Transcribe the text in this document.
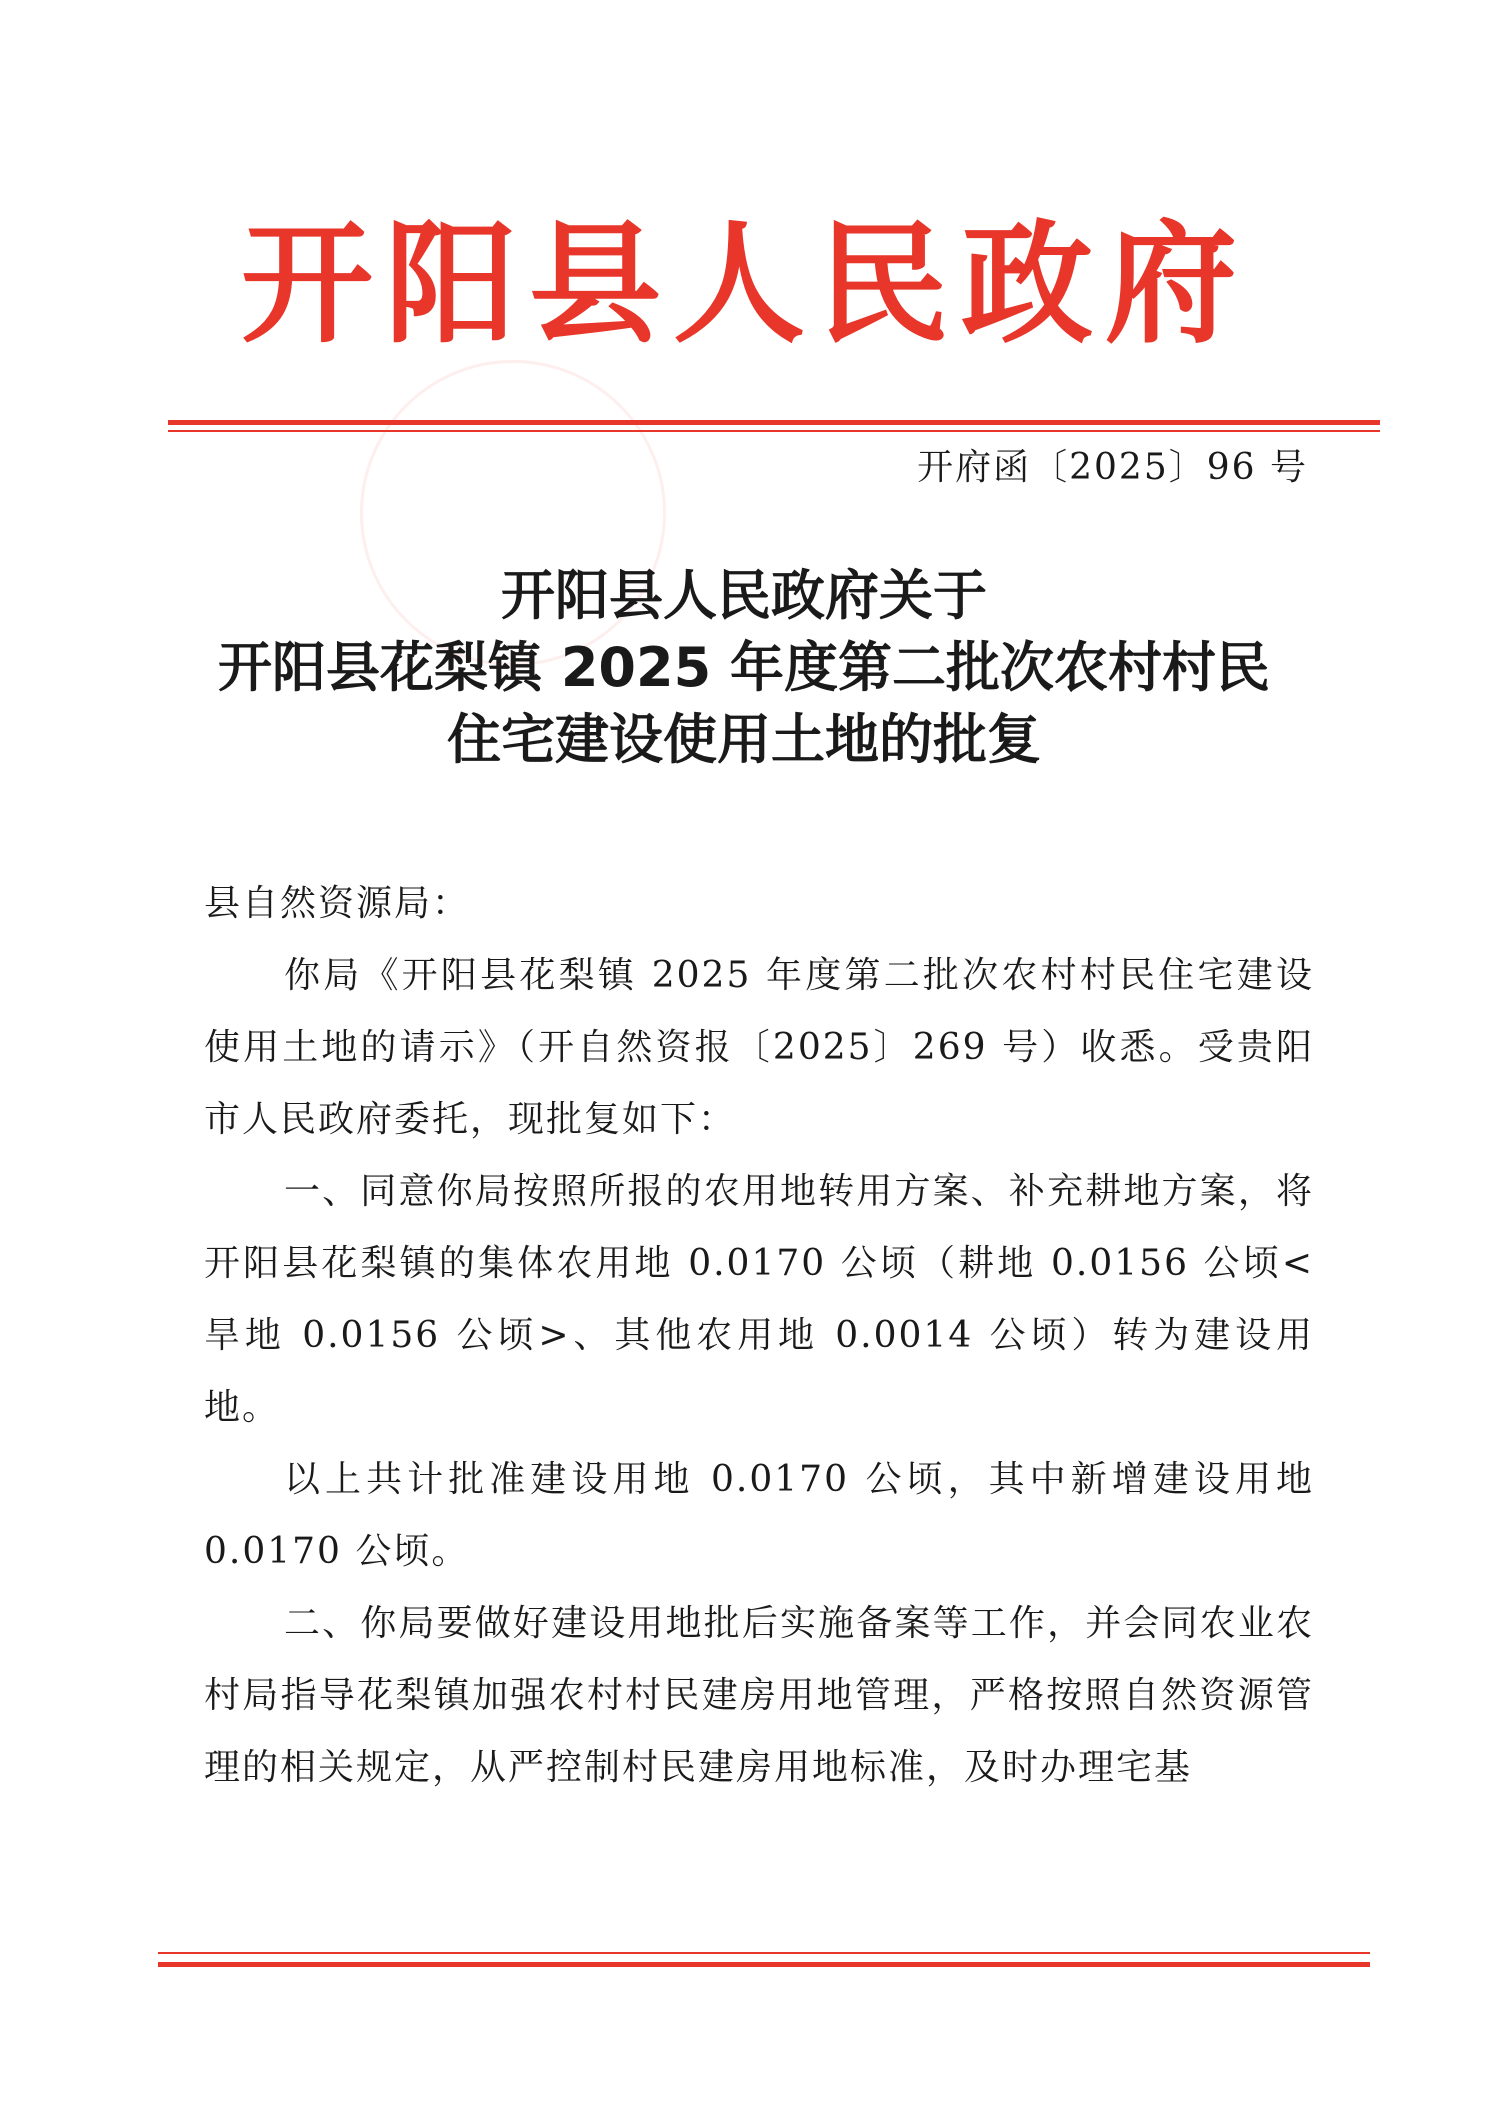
开阳县人民政府
开府函〔2025〕96 号
开阳县人民政府关于
开阳县花梨镇 2025 年度第二批次农村村民
住宅建设使用土地的批复

县自然资源局：

你局《开阳县花梨镇 2025 年度第二批次农村村民住宅建设使用土地的请示》（开自然资报〔2025〕269 号）收悉。受贵阳市人民政府委托，现批复如下：

一、同意你局按照所报的农用地转用方案、补充耕地方案，将开阳县花梨镇的集体农用地 0.0170 公顷（耕地 0.0156 公顷<旱地 0.0156 公顷>、其他农用地 0.0014 公顷）转为建设用地。

以上共计批准建设用地 0.0170 公顷，其中新增建设用地 0.0170 公顷。

二、你局要做好建设用地批后实施备案等工作，并会同农业农村局指导花梨镇加强农村村民建房用地管理，严格按照自然资源管理的相关规定，从严控制村民建房用地标准，及时办理宅基
